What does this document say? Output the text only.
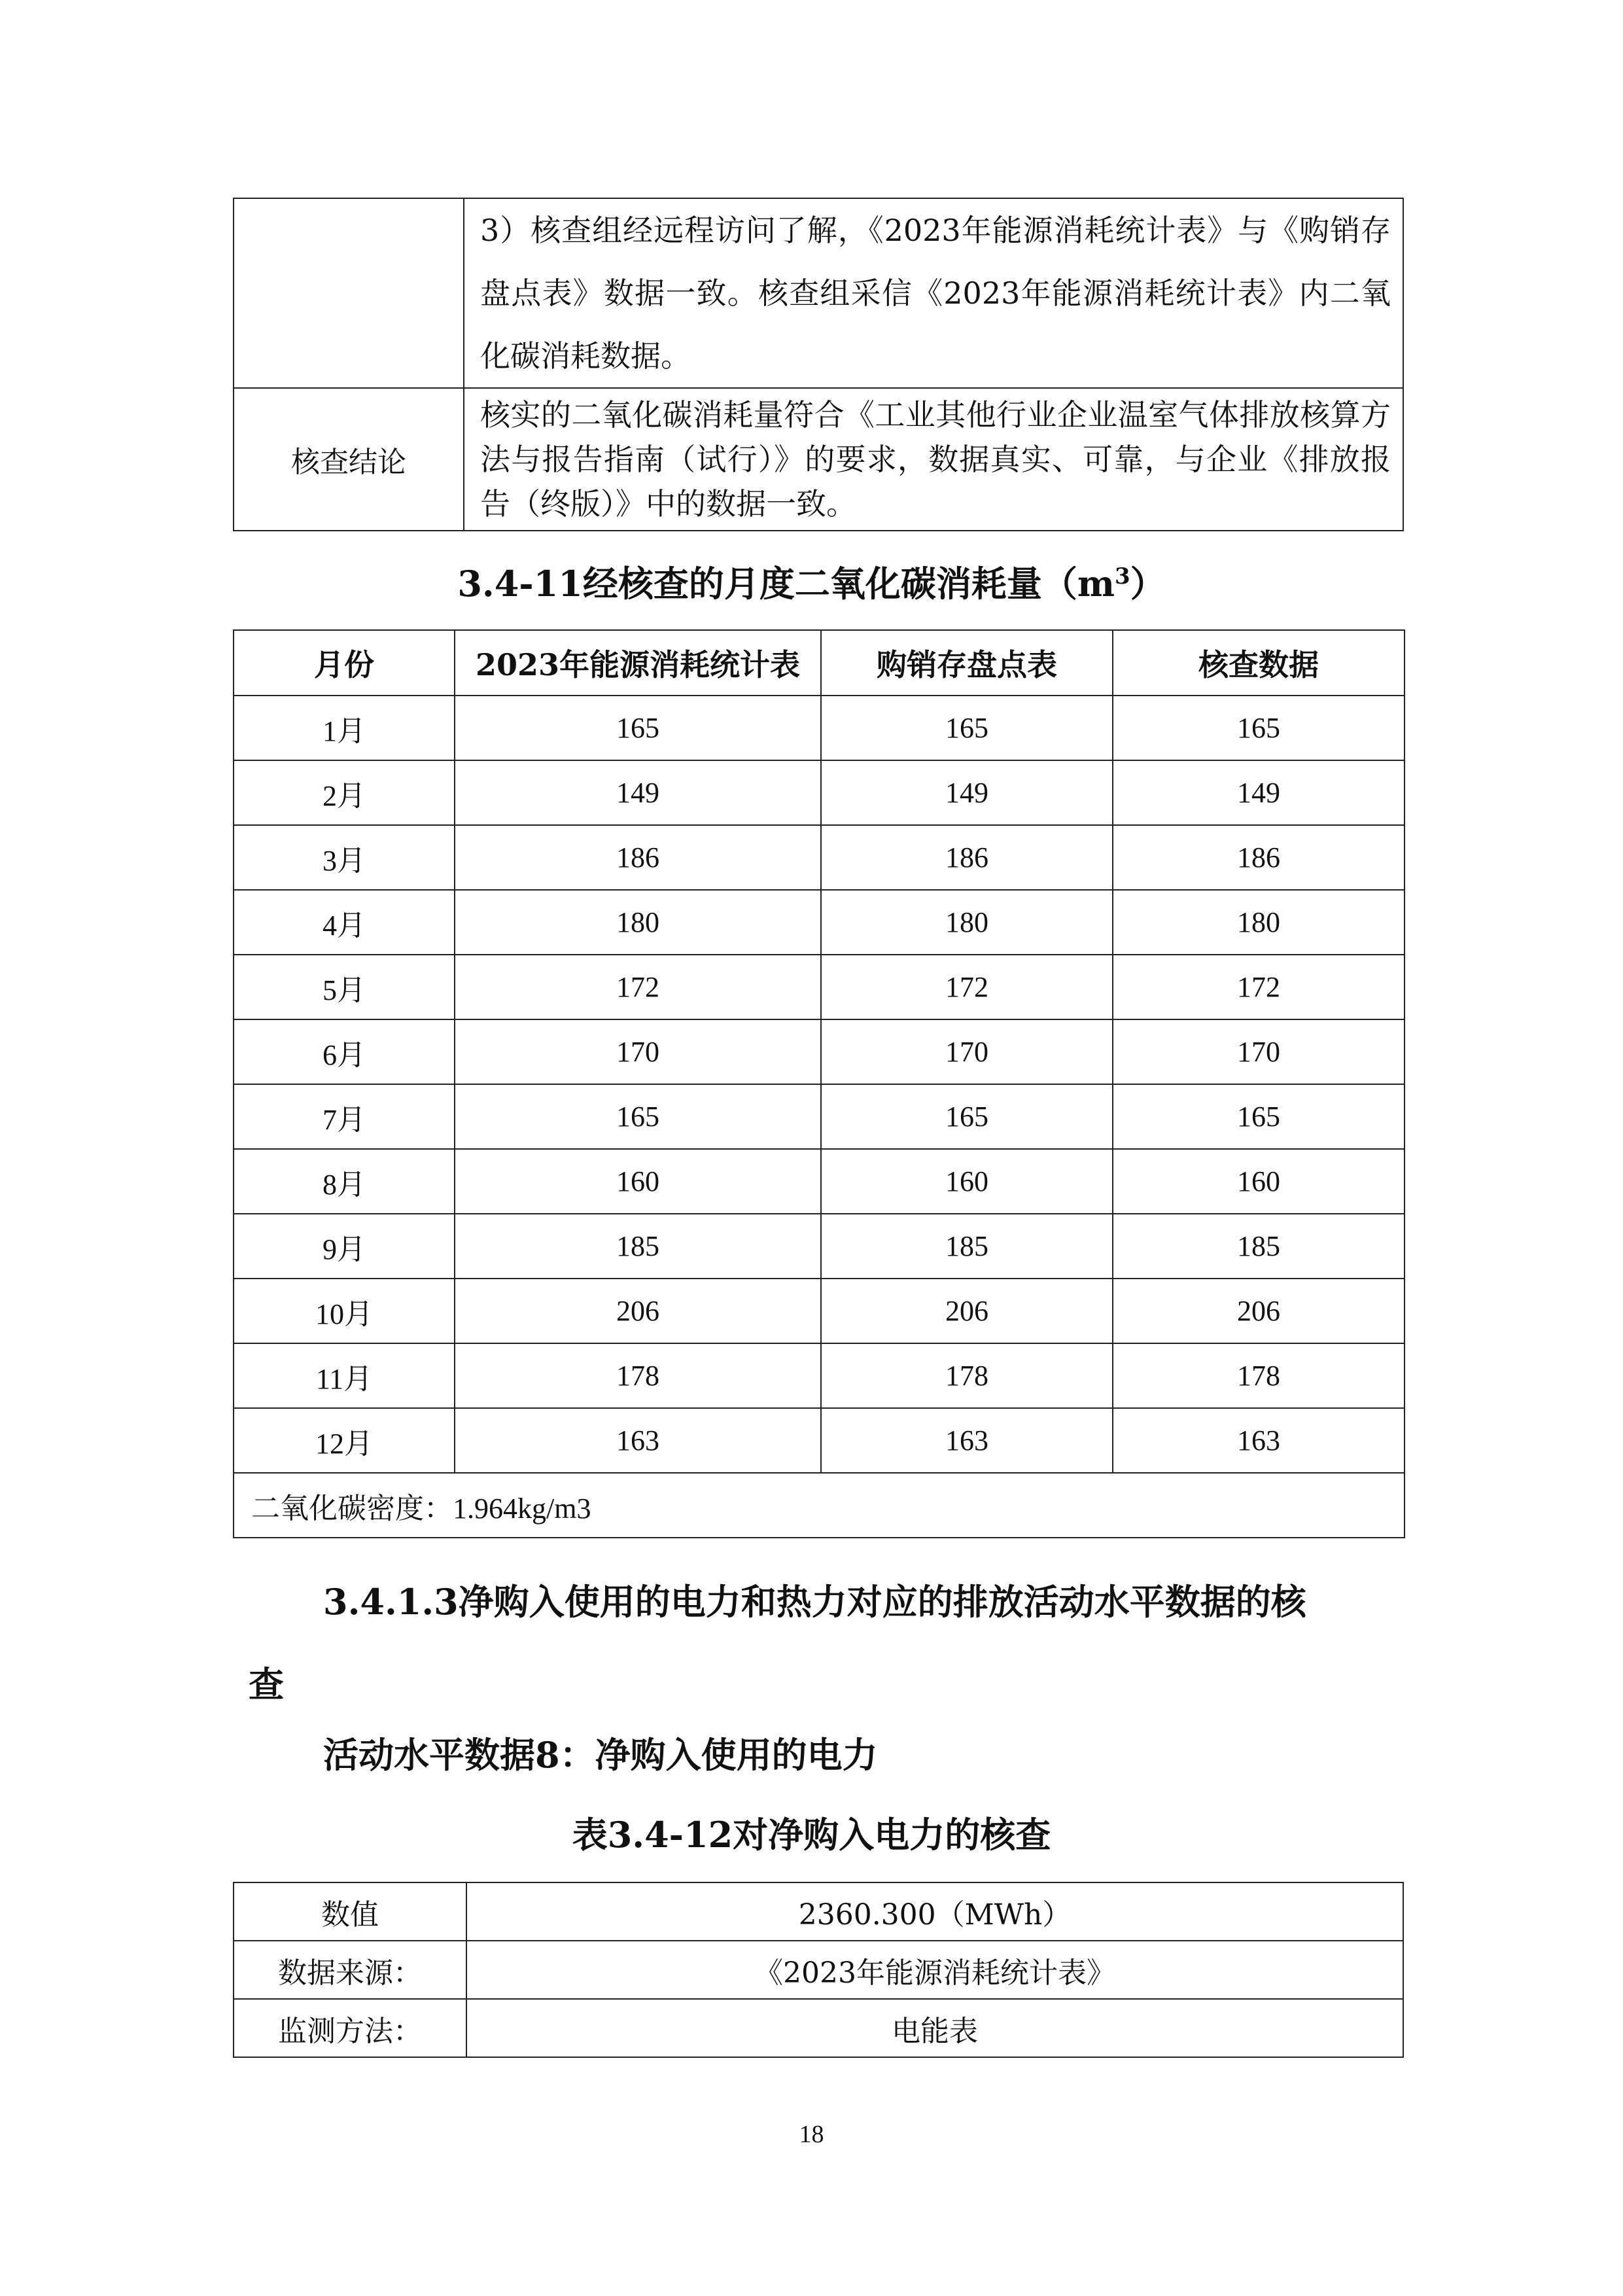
	3）核查组经远程访问了解，《2023年能源消耗统计表》与《购销存盘点表》数据一致。核查组采信《2023年能源消耗统计表》内二氧化碳消耗数据。
核查结论	核实的二氧化碳消耗量符合《工业其他行业企业温室气体排放核算方法与报告指南（试行）》的要求，数据真实、可靠，与企业《排放报告（终版）》中的数据一致。
3.4-11经核查的月度二氧化碳消耗量$(m^3)$
月份	2023年能源消耗统计表	购销存盘点表	核查数据
1月	165	165	165
2月	149	149	149
3月	186	186	186
4月	180	180	180
5月	172	172	172
6月	170	170	170
7月	165	165	165
8月	160	160	160
9月	185	185	185
10月	206	206	206
11月	178	178	178
12月	163	163	163
二氧化碳密度：1.964kg/m3			
3.4.1.3净购入使用的电力和热力对应的排放活动水平数据的核
查
活动水平数据8：净购入使用的电力
表3.4-12对净购入电力的核查
数值	2360.300（MWh）
数据来源：	《2023年能源消耗统计表》
监测方法：	电能表
18
